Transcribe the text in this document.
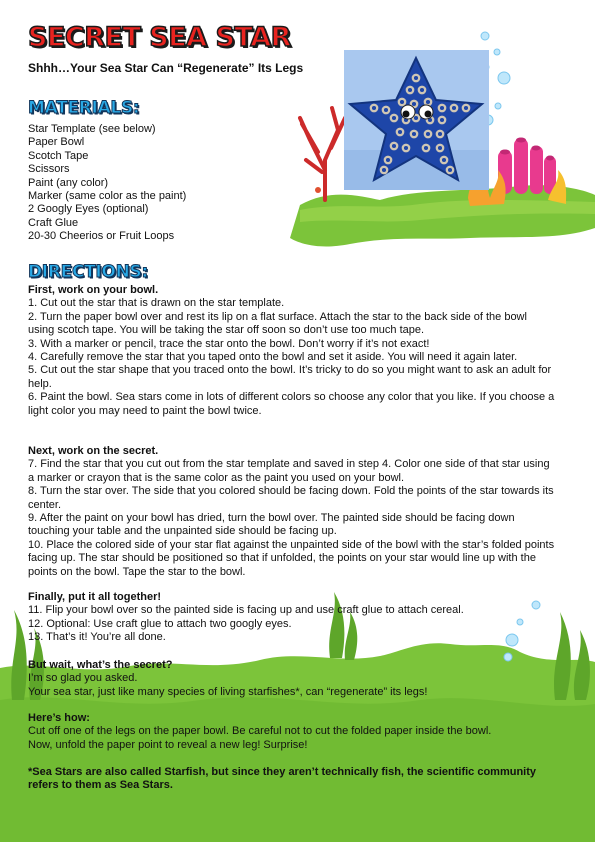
SECRET SEA STAR

Shhh…Your Sea Star Can “Regenerate” Its Legs

MATERIALS:
Star Template (see below)
Paper Bowl
Scotch Tape
Scissors
Paint (any color)
Marker (same color as the paint)
2 Googly Eyes (optional)
Craft Glue
20-30 Cheerios or Fruit Loops
DIRECTIONS:

First, work on your bowl.

1. Cut out the star that is drawn on the star template.

2. Turn the paper bowl over and rest its lip on a flat surface. Attach the star to the back side of the bowl using scotch tape. You will be taking the star off soon so don’t use too much tape.

3. With a marker or pencil, trace the star onto the bowl. Don’t worry if it’s not exact!

4. Carefully remove the star that you taped onto the bowl and set it aside. You will need it again later.

5. Cut out the star shape that you traced onto the bowl. It’s tricky to do so you might want to ask an adult for help.

6. Paint the bowl. Sea stars come in lots of different colors so choose any color that you like. If you choose a light color you may need to paint the bowl twice.

Next, work on the secret.

7. Find the star that you cut out from the star template and saved in step 4. Color one side of that star using a marker or crayon that is the same color as the paint you used on your bowl.

8. Turn the star over. The side that you colored should be facing down. Fold the points of the star towards its center.

9. After the paint on your bowl has dried, turn the bowl over. The painted side should be facing down touching your table and the unpainted side should be facing up.

10. Place the colored side of your star flat against the unpainted side of the bowl with the star’s folded points facing up. The star should be positioned so that if unfolded, the points on your star would line up with the points on the bowl. Tape the star to the bowl.

Finally, put it all together!

11. Flip your bowl over so the painted side is facing up and use craft glue to attach cereal.

12. Optional: Use craft glue to attach two googly eyes.

13. That’s it! You’re all done.

But wait, what’s the secret?

I’m so glad you asked.

Your sea star, just like many species of living starfishes*, can “regenerate” its legs!

Here’s how:

Cut off one of the legs on the paper bowl. Be careful not to cut the folded paper inside the bowl.

Now, unfold the paper point to reveal a new leg! Surprise!

*Sea Stars are also called Starfish, but since they aren’t technically fish, the scientific community refers to them as Sea Stars.
